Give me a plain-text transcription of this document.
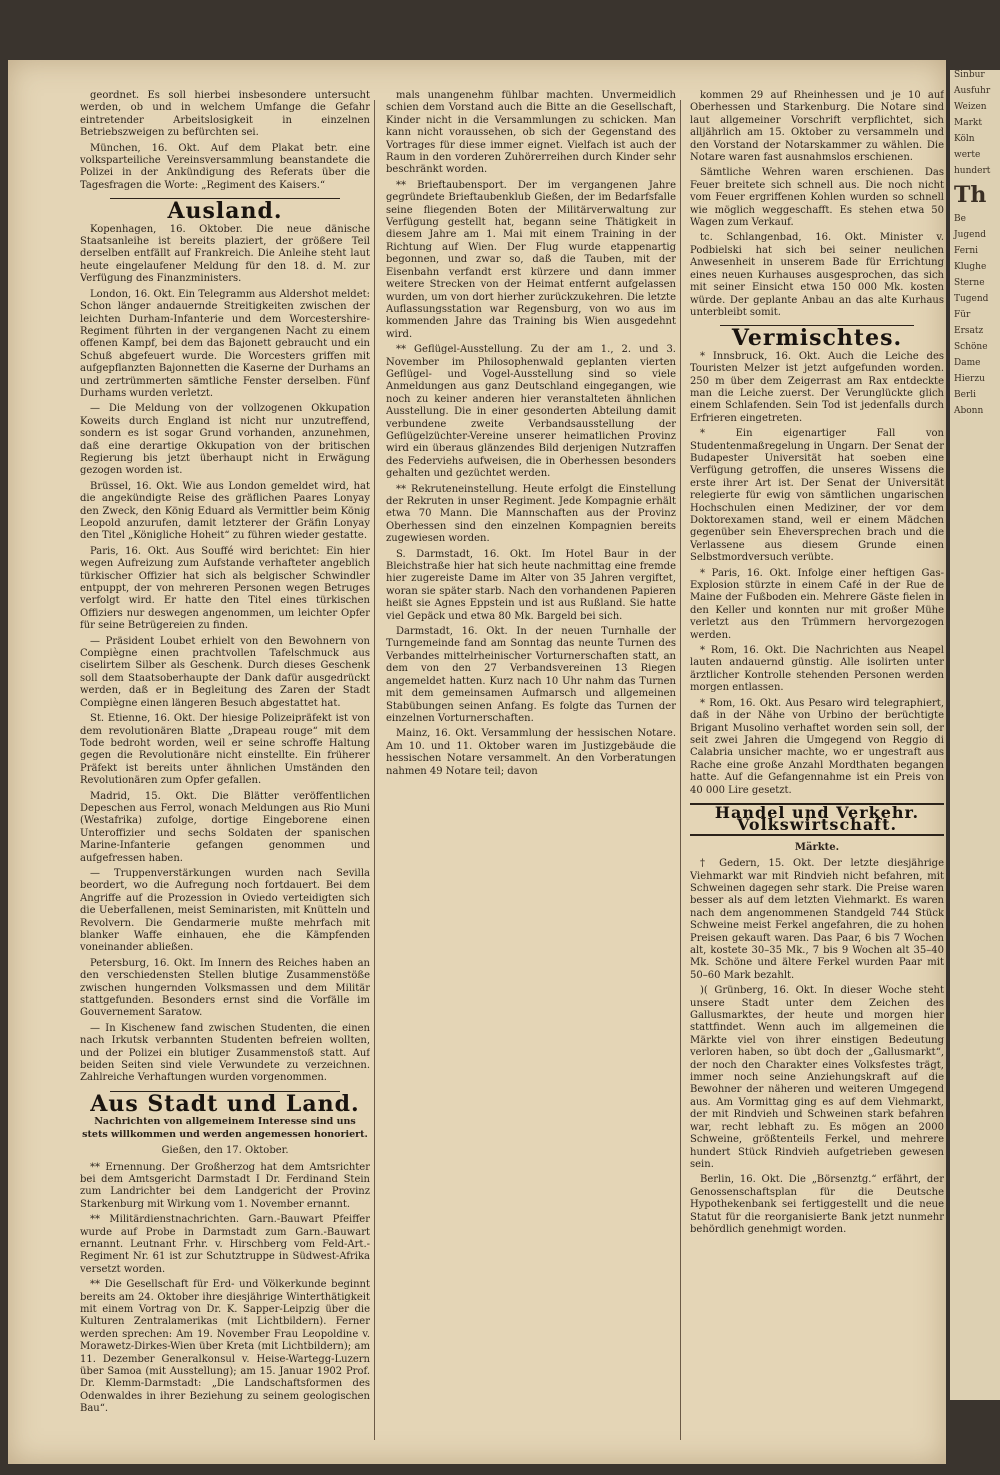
Sinbur

Ausfuhr

Weizen

Markt

Köln

werte

hundert

Th

Be

Jugend

Ferni

Klughe

Sterne

Tugend

Für

Ersatz

Schöne

Dame

Hierzu

Berli

Abonn

geordnet. Es soll hierbei insbesondere untersucht werden, ob und in welchem Umfange die Gefahr eintretender Arbeitslosigkeit in einzelnen Betriebszweigen zu befürchten sei.

München, 16. Okt. Auf dem Plakat betr. eine volksparteiliche Vereinsversammlung beanstandete die Polizei in der Ankündigung des Referats über die Tagesfragen die Worte: „Regiment des Kaisers.“

Ausland.

Kopenhagen, 16. Oktober. Die neue dänische Staatsanleihe ist bereits plaziert, der größere Teil derselben entfällt auf Frankreich. Die Anleihe steht laut heute eingelaufener Meldung für den 18. d. M. zur Verfügung des Finanzministers.

London, 16. Okt. Ein Telegramm aus Aldershot meldet: Schon länger andauernde Streitigkeiten zwischen der leichten Durham-Infanterie und dem Worcestershire-Regiment führten in der vergangenen Nacht zu einem offenen Kampf, bei dem das Bajonett gebraucht und ein Schuß abgefeuert wurde. Die Worcesters griffen mit aufgepflanzten Bajonnetten die Kaserne der Durhams an und zertrümmerten sämtliche Fenster derselben. Fünf Durhams wurden verletzt.

— Die Meldung von der vollzogenen Okkupation Koweits durch England ist nicht nur unzutreffend, sondern es ist sogar Grund vorhanden, anzunehmen, daß eine derartige Okkupation von der britischen Regierung bis jetzt überhaupt nicht in Erwägung gezogen worden ist.

Brüssel, 16. Okt. Wie aus London gemeldet wird, hat die angekündigte Reise des gräflichen Paares Lonyay den Zweck, den König Eduard als Vermittler beim König Leopold anzurufen, damit letzterer der Gräfin Lonyay den Titel „Königliche Hoheit“ zu führen wieder gestatte.

Paris, 16. Okt. Aus Souffé wird berichtet: Ein hier wegen Aufreizung zum Aufstande verhafteter angeblich türkischer Offizier hat sich als belgischer Schwindler entpuppt, der von mehreren Personen wegen Betruges verfolgt wird. Er hatte den Titel eines türkischen Offiziers nur deswegen angenommen, um leichter Opfer für seine Betrügereien zu finden.

— Präsident Loubet erhielt von den Bewohnern von Compiègne einen prachtvollen Tafelschmuck aus ciselirtem Silber als Geschenk. Durch dieses Geschenk soll dem Staatsoberhaupte der Dank dafür ausgedrückt werden, daß er in Begleitung des Zaren der Stadt Compiègne einen längeren Besuch abgestattet hat.

St. Etienne, 16. Okt. Der hiesige Polizeipräfekt ist von dem revolutionären Blatte „Drapeau rouge“ mit dem Tode bedroht worden, weil er seine schroffe Haltung gegen die Revolutionäre nicht einstellte. Ein früherer Präfekt ist bereits unter ähnlichen Umständen den Revolutionären zum Opfer gefallen.

Madrid, 15. Okt. Die Blätter veröffentlichen Depeschen aus Ferrol, wonach Meldungen aus Rio Muni (Westafrika) zufolge, dortige Eingeborene einen Unteroffizier und sechs Soldaten der spanischen Marine-Infanterie gefangen genommen und aufgefressen haben.

— Truppenverstärkungen wurden nach Sevilla beordert, wo die Aufregung noch fortdauert. Bei dem Angriffe auf die Prozession in Oviedo verteidigten sich die Ueberfallenen, meist Seminaristen, mit Knütteln und Revolvern. Die Gendarmerie mußte mehrfach mit blanker Waffe einhauen, ehe die Kämpfenden voneinander abließen.

Petersburg, 16. Okt. Im Innern des Reiches haben an den verschiedensten Stellen blutige Zusammenstöße zwischen hungernden Volksmassen und dem Militär stattgefunden. Besonders ernst sind die Vorfälle im Gouvernement Saratow.

— In Kischenew fand zwischen Studenten, die einen nach Irkutsk verbannten Studenten befreien wollten, und der Polizei ein blutiger Zusammenstoß statt. Auf beiden Seiten sind viele Verwundete zu verzeichnen. Zahlreiche Verhaftungen wurden vorgenommen.

Aus Stadt und Land.
Nachrichten von allgemeinem Interesse sind uns stets willkommen und werden angemessen honoriert.
Gießen, den 17. Oktober.

** Ernennung. Der Großherzog hat dem Amtsrichter bei dem Amtsgericht Darmstadt I Dr. Ferdinand Stein zum Landrichter bei dem Landgericht der Provinz Starkenburg mit Wirkung vom 1. November ernannt.

** Militärdienstnachrichten. Garn.-Bauwart Pfeiffer wurde auf Probe in Darmstadt zum Garn.-Bauwart ernannt. Leutnant Frhr. v. Hirschberg vom Feld-Art.-Regiment Nr. 61 ist zur Schutztruppe in Südwest-Afrika versetzt worden.

** Die Gesellschaft für Erd- und Völkerkunde beginnt bereits am 24. Oktober ihre diesjährige Winterthätigkeit mit einem Vortrag von Dr. K. Sapper-Leipzig über die Kulturen Zentralamerikas (mit Lichtbildern). Ferner werden sprechen: Am 19. November Frau Leopoldine v. Morawetz-Dirkes-Wien über Kreta (mit Lichtbildern); am 11. Dezember Generalkonsul v. Heise-Wartegg-Luzern über Samoa (mit Ausstellung); am 15. Januar 1902 Prof. Dr. Klemm-Darmstadt: „Die Landschaftsformen des Odenwaldes in ihrer Beziehung zu seinem geologischen Bau“.

mals unangenehm fühlbar machten. Unvermeidlich schien dem Vorstand auch die Bitte an die Gesellschaft, Kinder nicht in die Versammlungen zu schicken. Man kann nicht voraussehen, ob sich der Gegenstand des Vortrages für diese immer eignet. Vielfach ist auch der Raum in den vorderen Zuhörerreihen durch Kinder sehr beschränkt worden.

** Brieftaubensport. Der im vergangenen Jahre gegründete Brieftaubenklub Gießen, der im Bedarfsfalle seine fliegenden Boten der Militärverwaltung zur Verfügung gestellt hat, begann seine Thätigkeit in diesem Jahre am 1. Mai mit einem Training in der Richtung auf Wien. Der Flug wurde etappenartig begonnen, und zwar so, daß die Tauben, mit der Eisenbahn verfandt erst kürzere und dann immer weitere Strecken von der Heimat entfernt aufgelassen wurden, um von dort hierher zurückzukehren. Die letzte Auflassungsstation war Regensburg, von wo aus im kommenden Jahre das Training bis Wien ausgedehnt wird.

** Geflügel-Ausstellung. Zu der am 1., 2. und 3. November im Philosophenwald geplanten vierten Geflügel- und Vogel-Ausstellung sind so viele Anmeldungen aus ganz Deutschland eingegangen, wie noch zu keiner anderen hier veranstalteten ähnlichen Ausstellung. Die in einer gesonderten Abteilung damit verbundene zweite Verbandsausstellung der Geflügelzüchter-Vereine unserer heimatlichen Provinz wird ein überaus glänzendes Bild derjenigen Nutzraffen des Federviehs aufweisen, die in Oberhessen besonders gehalten und gezüchtet werden.

** Rekruteneinstellung. Heute erfolgt die Einstellung der Rekruten in unser Regiment. Jede Kompagnie erhält etwa 70 Mann. Die Mannschaften aus der Provinz Oberhessen sind den einzelnen Kompagnien bereits zugewiesen worden.

S. Darmstadt, 16. Okt. Im Hotel Baur in der Bleichstraße hier hat sich heute nachmittag eine fremde hier zugereiste Dame im Alter von 35 Jahren vergiftet, woran sie später starb. Nach den vorhandenen Papieren heißt sie Agnes Eppstein und ist aus Rußland. Sie hatte viel Gepäck und etwa 80 Mk. Bargeld bei sich.

Darmstadt, 16. Okt. In der neuen Turnhalle der Turngemeinde fand am Sonntag das neunte Turnen des Verbandes mittelrheinischer Vorturnerschaften statt, an dem von den 27 Verbandsvereinen 13 Riegen angemeldet hatten. Kurz nach 10 Uhr nahm das Turnen mit dem gemeinsamen Aufmarsch und allgemeinen Stabübungen seinen Anfang. Es folgte das Turnen der einzelnen Vorturnerschaften.

Mainz, 16. Okt. Versammlung der hessischen Notare. Am 10. und 11. Oktober waren im Justizgebäude die hessischen Notare versammelt. An den Vorberatungen nahmen 49 Notare teil; davon

kommen 29 auf Rheinhessen und je 10 auf Oberhessen und Starkenburg. Die Notare sind laut allgemeiner Vorschrift verpflichtet, sich alljährlich am 15. Oktober zu versammeln und den Vorstand der Notarskammer zu wählen. Die Notare waren fast ausnahmslos erschienen.

Sämtliche Wehren waren erschienen. Das Feuer breitete sich schnell aus. Die noch nicht vom Feuer ergriffenen Kohlen wurden so schnell wie möglich weggeschafft. Es stehen etwa 50 Wagen zum Verkauf.

tc. Schlangenbad, 16. Okt. Minister v. Podbielski hat sich bei seiner neulichen Anwesenheit in unserem Bade für Errichtung eines neuen Kurhauses ausgesprochen, das sich mit seiner Einsicht etwa 150 000 Mk. kosten würde. Der geplante Anbau an das alte Kurhaus unterbleibt somit.

Vermischtes.

* Innsbruck, 16. Okt. Auch die Leiche des Touristen Melzer ist jetzt aufgefunden worden. 250 m über dem Zeigerrast am Rax entdeckte man die Leiche zuerst. Der Verunglückte glich einem Schlafenden. Sein Tod ist jedenfalls durch Erfrieren eingetreten.

* Ein eigenartiger Fall von Studentenmaßregelung in Ungarn. Der Senat der Budapester Universität hat soeben eine Verfügung getroffen, die unseres Wissens die erste ihrer Art ist. Der Senat der Universität relegierte für ewig von sämtlichen ungarischen Hochschulen einen Mediziner, der vor dem Doktorexamen stand, weil er einem Mädchen gegenüber sein Eheversprechen brach und die Verlassene aus diesem Grunde einen Selbstmordversuch verübte.

* Paris, 16. Okt. Infolge einer heftigen Gas-Explosion stürzte in einem Café in der Rue de Maine der Fußboden ein. Mehrere Gäste fielen in den Keller und konnten nur mit großer Mühe verletzt aus den Trümmern hervorgezogen werden.

* Rom, 16. Okt. Die Nachrichten aus Neapel lauten andauernd günstig. Alle isolirten unter ärztlicher Kontrolle stehenden Personen werden morgen entlassen.

* Rom, 16. Okt. Aus Pesaro wird telegraphiert, daß in der Nähe von Urbino der berüchtigte Brigant Musolino verhaftet worden sein soll, der seit zwei Jahren die Umgegend von Reggio di Calabria unsicher machte, wo er ungestraft aus Rache eine große Anzahl Mordthaten begangen hatte. Auf die Gefangennahme ist ein Preis von 40 000 Lire gesetzt.

Handel und Verkehr. Volkswirtschaft.
Märkte.

† Gedern, 15. Okt. Der letzte diesjährige Viehmarkt war mit Rindvieh nicht befahren, mit Schweinen dagegen sehr stark. Die Preise waren besser als auf dem letzten Viehmarkt. Es waren nach dem angenommenen Standgeld 744 Stück Schweine meist Ferkel angefahren, die zu hohen Preisen gekauft waren. Das Paar, 6 bis 7 Wochen alt, kostete 30–35 Mk., 7 bis 9 Wochen alt 35–40 Mk. Schöne und ältere Ferkel wurden Paar mit 50–60 Mark bezahlt.

)( Grünberg, 16. Okt. In dieser Woche steht unsere Stadt unter dem Zeichen des Gallusmarktes, der heute und morgen hier stattfindet. Wenn auch im allgemeinen die Märkte viel von ihrer einstigen Bedeutung verloren haben, so übt doch der „Gallusmarkt“, der noch den Charakter eines Volksfestes trägt, immer noch seine Anziehungskraft auf die Bewohner der näheren und weiteren Umgegend aus. Am Vormittag ging es auf dem Viehmarkt, der mit Rindvieh und Schweinen stark befahren war, recht lebhaft zu. Es mögen an 2000 Schweine, größtenteils Ferkel, und mehrere hundert Stück Rindvieh aufgetrieben gewesen sein.

Berlin, 16. Okt. Die „Börsenztg.“ erfährt, der Genossenschaftsplan für die Deutsche Hypothekenbank sei fertiggestellt und die neue Statut für die reorganisierte Bank jetzt nunmehr behördlich genehmigt worden.
